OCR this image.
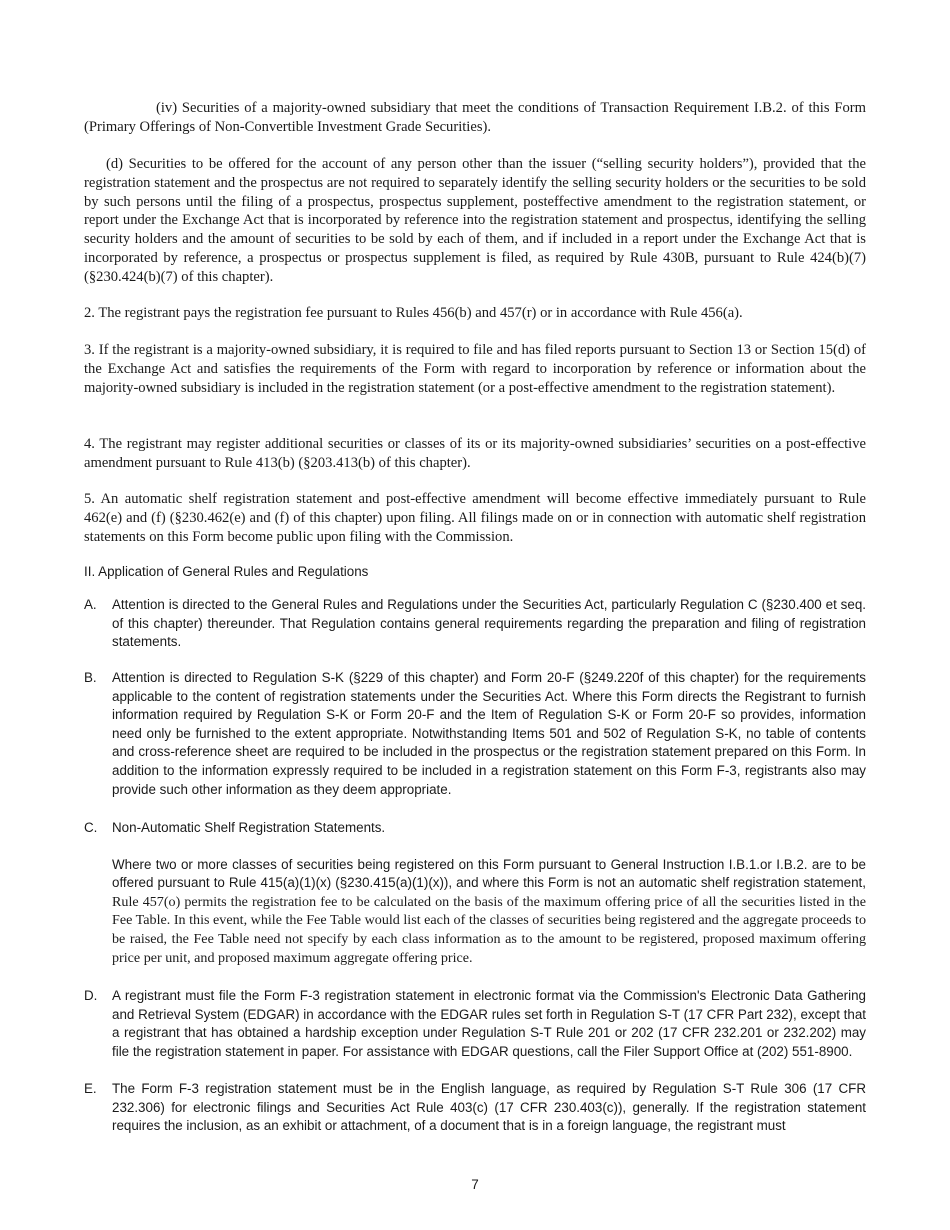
(iv) Securities of a majority-owned subsidiary that meet the conditions of Transaction Requirement I.B.2. of this Form (Primary Offerings of Non-Convertible Investment Grade Securities).

(d) Securities to be offered for the account of any person other than the issuer (“selling security holders”), provided that the registration statement and the prospectus are not required to separately identify the selling security holders or the securities to be sold by such persons until the filing of a prospectus, prospectus supplement, posteffective amendment to the registration statement, or report under the Exchange Act that is incorporated by reference into the registration statement and prospectus, identifying the selling security holders and the amount of securities to be sold by each of them, and if included in a report under the Exchange Act that is incorporated by reference, a prospectus or prospectus supplement is filed, as required by Rule 430B, pursuant to Rule 424(b)(7) (§230.424(b)(7) of this chapter).

2. The registrant pays the registration fee pursuant to Rules 456(b) and 457(r) or in accordance with Rule 456(a).

3. If the registrant is a majority-owned subsidiary, it is required to file and has filed reports pursuant to Section 13 or Section 15(d) of the Exchange Act and satisfies the requirements of the Form with regard to incorporation by reference or information about the majority-owned subsidiary is included in the registration statement (or a post-effective amendment to the registration statement).

4. The registrant may register additional securities or classes of its or its majority-owned subsidiaries’ securities on a post-effective amendment pursuant to Rule 413(b) (§203.413(b) of this chapter).

5. An automatic shelf registration statement and post-effective amendment will become effective immediately pursuant to Rule 462(e) and (f) (§230.462(e) and (f) of this chapter) upon filing. All filings made on or in connection with automatic shelf registration statements on this Form become public upon filing with the Commission.

II. Application of General Rules and Regulations
A.	Attention is directed to the General Rules and Regulations under the Securities Act, particularly Regulation C (§230.400 et seq. of this chapter) thereunder. That Regulation contains general requirements regarding the preparation and filing of registration statements.

B.	Attention is directed to Regulation S-K (§229 of this chapter) and Form 20-F (§249.220f of this chapter) for the requirements applicable to the content of registration statements under the Securities Act. Where this Form directs the Registrant to furnish information required by Regulation S-K or Form 20-F and the Item of Regulation S-K or Form 20-F so provides, information need only be furnished to the extent appropriate. Notwithstanding Items 501 and 502 of Regulation S-K, no table of contents and cross-reference sheet are required to be included in the prospectus or the registration statement prepared on this Form. In addition to the information expressly required to be included in a registration statement on this Form F-3, registrants also may provide such other information as they deem appropriate.

C.	Non-Automatic Shelf Registration Statements.

Where two or more classes of securities being registered on this Form pursuant to General Instruction I.B.1.or I.B.2. are to be offered pursuant to Rule 415(a)(1)(x) (§230.415(a)(1)(x)), and where this Form is not an automatic shelf registration statement, Rule 457(o) permits the registration fee to be calculated on the basis of the maximum offering price of all the securities listed in the Fee Table. In this event, while the Fee Table would list each of the classes of securities being registered and the aggregate proceeds to be raised, the Fee Table need not specify by each class information as to the amount to be registered, proposed maximum offering price per unit, and proposed maximum aggregate offering price.

D.	A registrant must file the Form F-3 registration statement in electronic format via the Commission's Electronic Data Gathering and Retrieval System (EDGAR) in accordance with the EDGAR rules set forth in Regulation S-T (17 CFR Part 232), except that a registrant that has obtained a hardship exception under Regulation S-T Rule 201 or 202 (17 CFR 232.201 or 232.202) may file the registration statement in paper. For assistance with EDGAR questions, call the Filer Support Office at (202) 551-8900.

E.	The Form F-3 registration statement must be in the English language, as required by Regulation S-T Rule 306 (17 CFR 232.306) for electronic filings and Securities Act Rule 403(c) (17 CFR 230.403(c)), generally. If the registration statement requires the inclusion, as an exhibit or attachment, of a document that is in a foreign language, the registrant must

7
